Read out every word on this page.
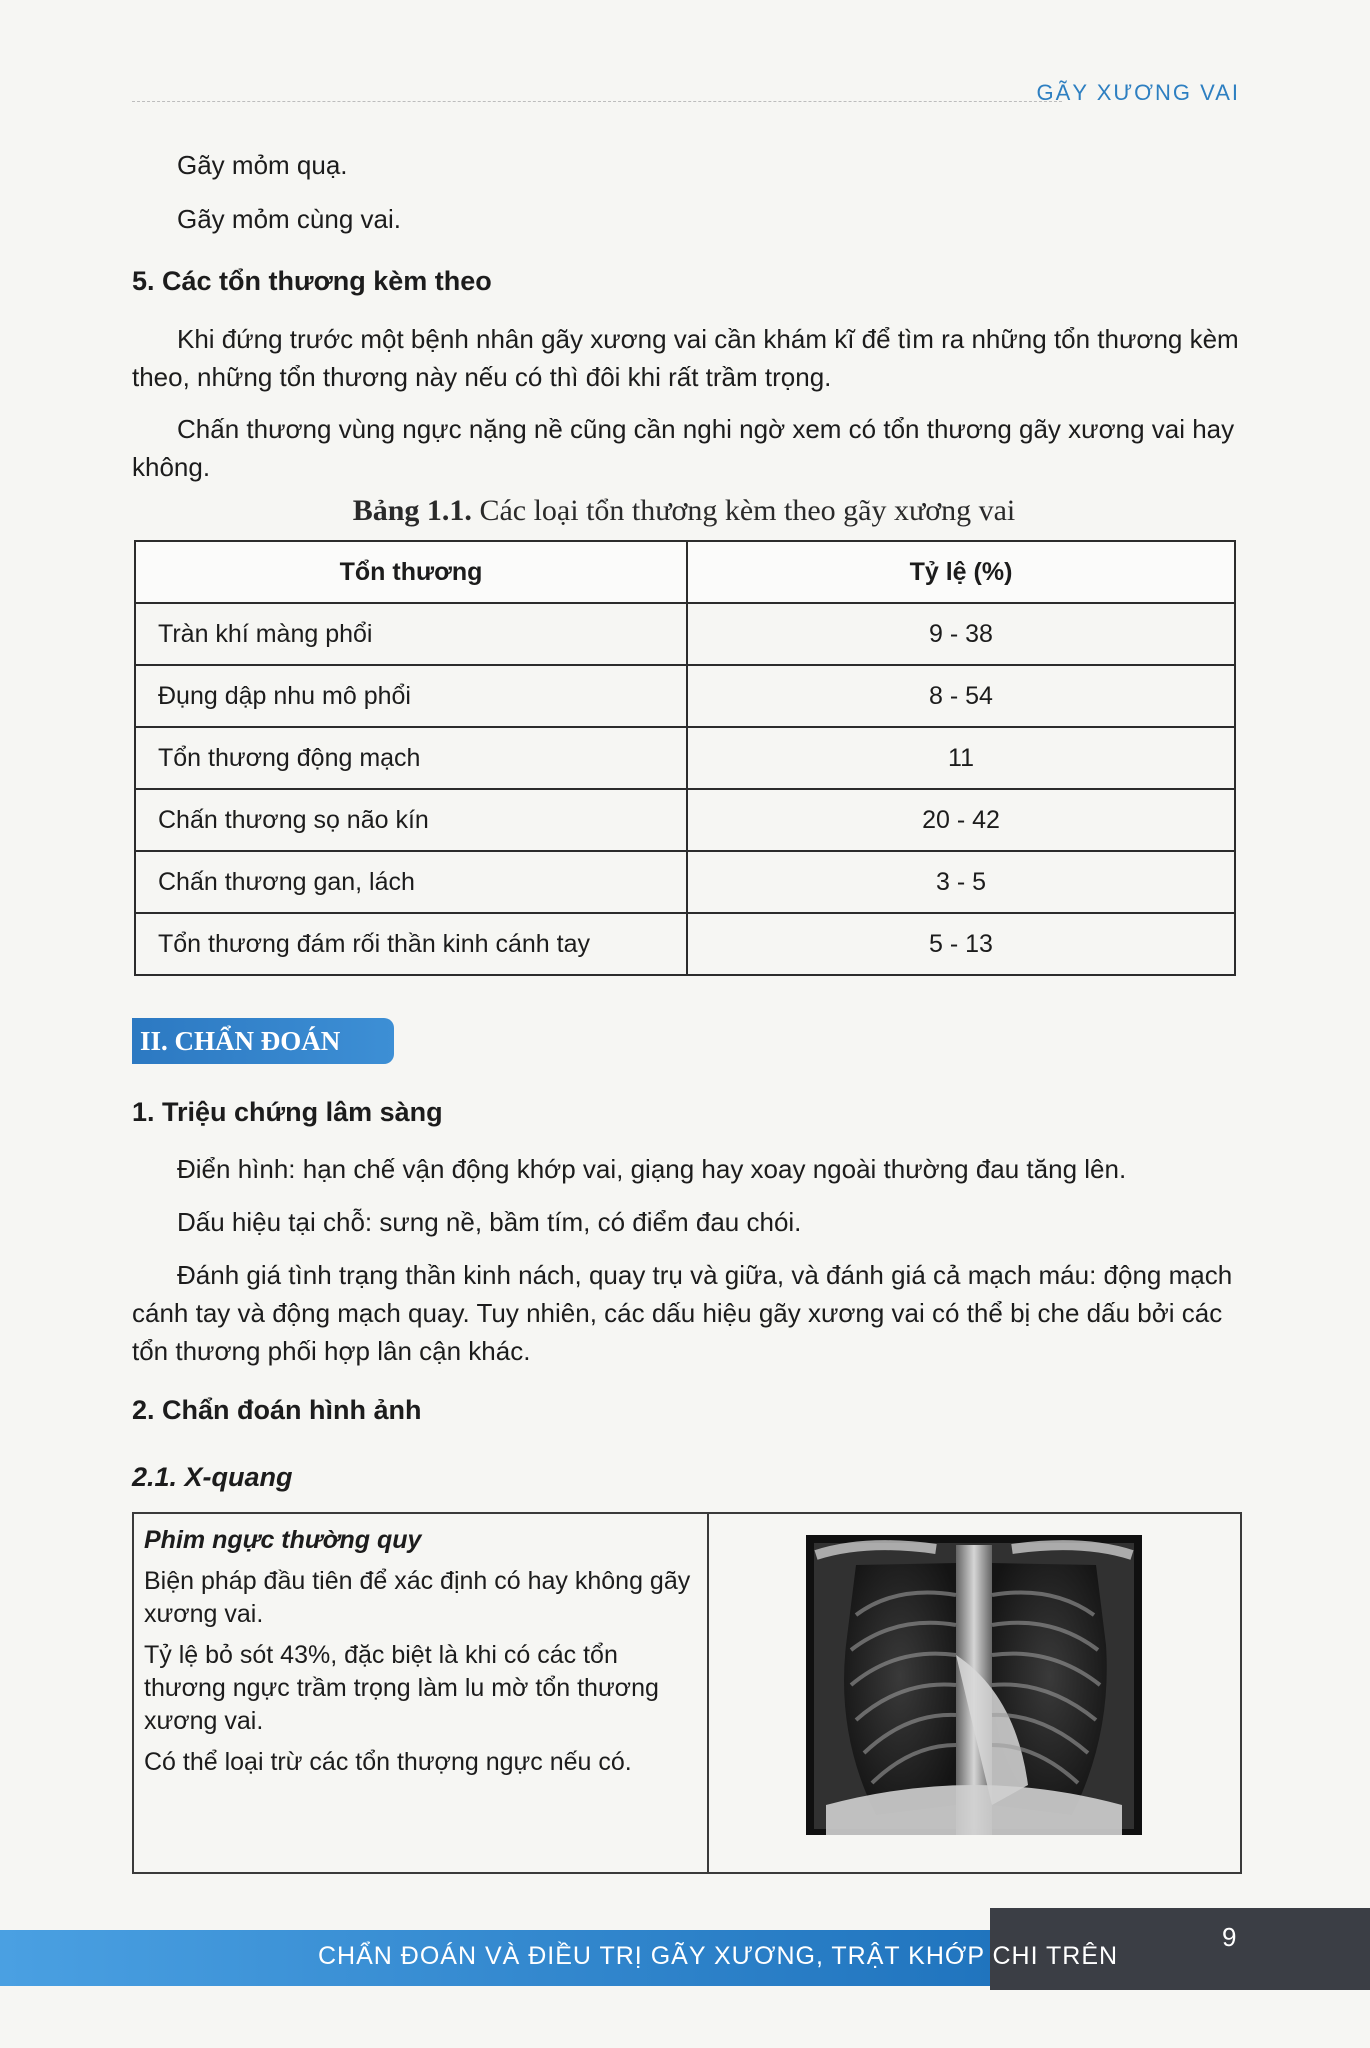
GÃY XƯƠNG VAI
Gãy mỏm quạ.
Gãy mỏm cùng vai.
5. Các tổn thương kèm theo
Khi đứng trước một bệnh nhân gãy xương vai cần khám kĩ để tìm ra những tổn thương kèm theo, những tổn thương này nếu có thì đôi khi rất trầm trọng.
Chấn thương vùng ngực nặng nề cũng cần nghi ngờ xem có tổn thương gãy xương vai hay không.
Bảng 1.1. Các loại tổn thương kèm theo gãy xương vai
Tổn thương	Tỷ lệ (%)
Tràn khí màng phổi	9 - 38
Đụng dập nhu mô phổi	8 - 54
Tổn thương động mạch	11
Chấn thương sọ não kín	20 - 42
Chấn thương gan, lách	3 - 5
Tổn thương đám rối thần kinh cánh tay	5 - 13
II. CHẨN ĐOÁN
1. Triệu chứng lâm sàng
Điển hình: hạn chế vận động khớp vai, giạng hay xoay ngoài thường đau tăng lên.
Dấu hiệu tại chỗ: sưng nề, bầm tím, có điểm đau chói.
Đánh giá tình trạng thần kinh nách, quay trụ và giữa, và đánh giá cả mạch máu: động mạch cánh tay và động mạch quay. Tuy nhiên, các dấu hiệu gãy xương vai có thể bị che dấu bởi các tổn thương phối hợp lân cận khác.
2. Chẩn đoán hình ảnh
2.1. X-quang

Phim ngực thường quy

Biện pháp đầu tiên để xác định có hay không gãy xương vai.

Tỷ lệ bỏ sót 43%, đặc biệt là khi có các tổn thương ngực trầm trọng làm lu mờ tổn thương xương vai.

Có thể loại trừ các tổn thượng ngực nếu có.

CHẨN ĐOÁN VÀ ĐIỀU TRỊ GÃY XƯƠNG, TRẬT KHỚP CHI TRÊN
9
